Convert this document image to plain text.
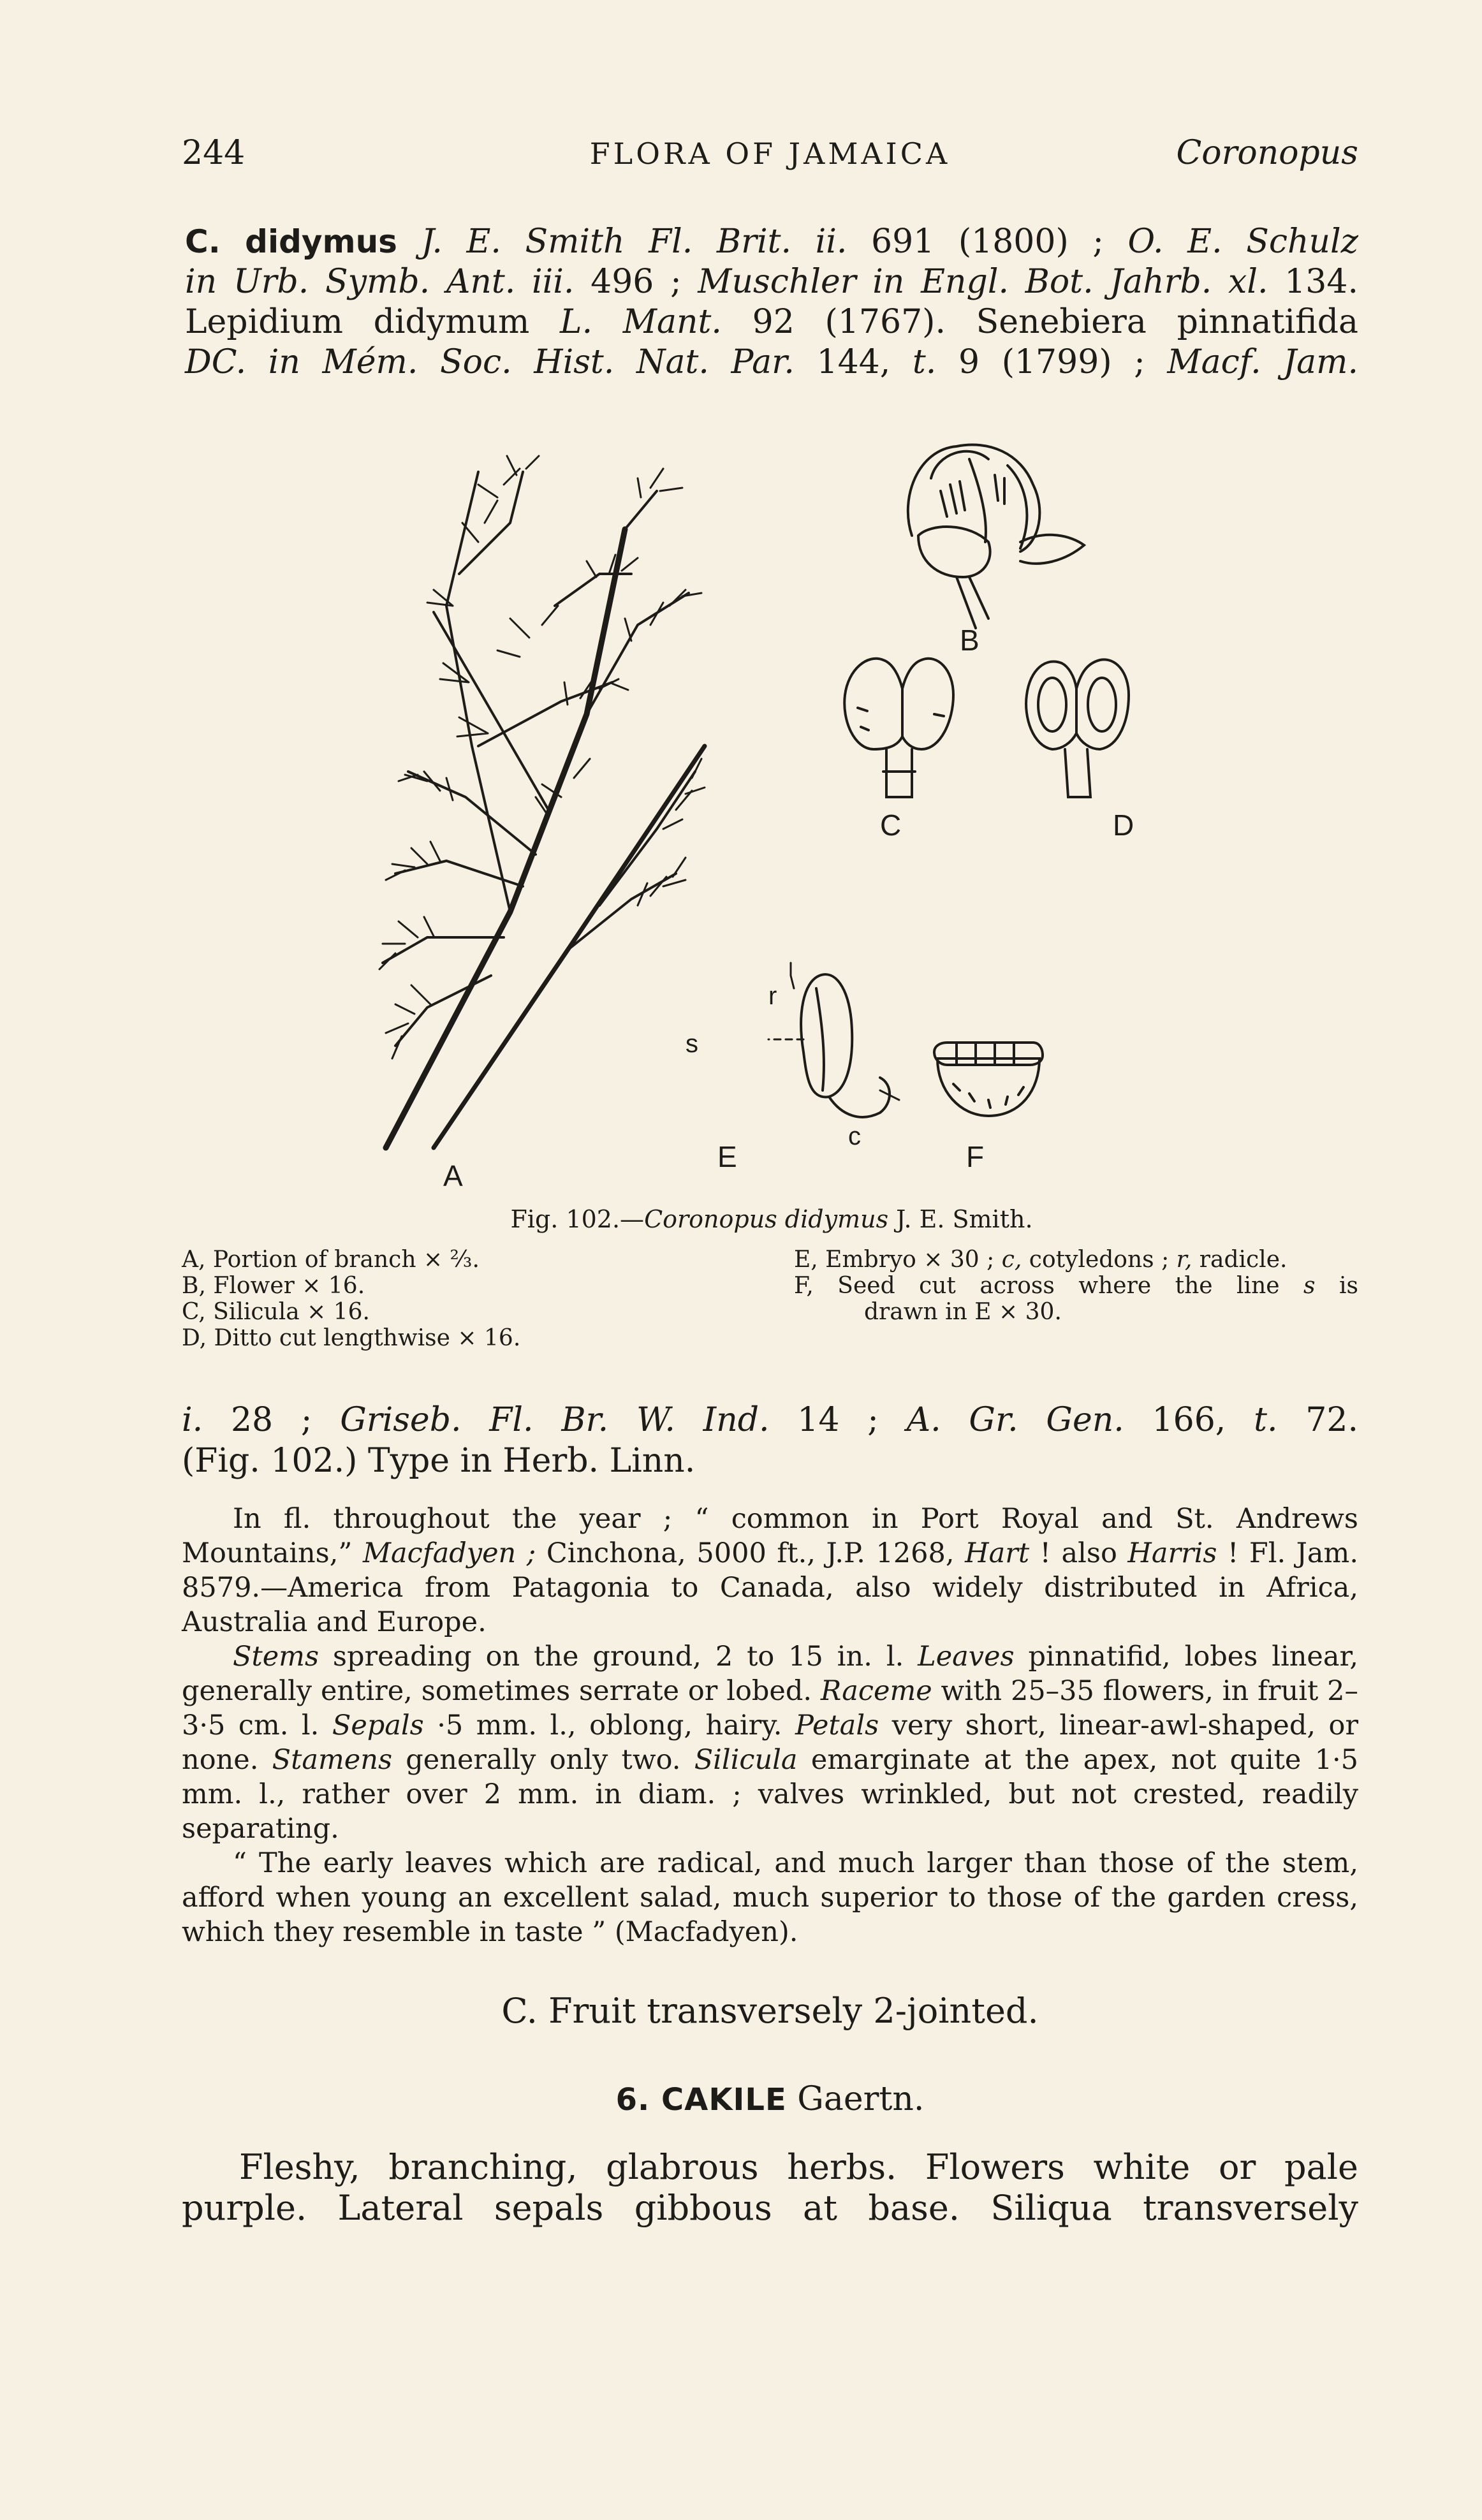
244	FLORA OF JAMAICA	Coronopus
C. didymus J. E. Smith Fl. Brit. ii. 691 (1800) ; O. E. Schulz
in Urb. Symb. Ant. iii. 496 ; Muschler in Engl. Bot. Jahrb. xl. 134.
Lepidium didymum L. Mant. 92 (1767). Senebiera pinnatifida
DC. in Mém. Soc. Hist. Nat. Par. 144, t. 9 (1799) ; Macf. Jam.
A
B
C	D
E	F
r
s
c
Fig. 102.—Coronopus didymus J. E. Smith.
A, Portion of branch × ⅔.
B, Flower × 16.
C, Silicula × 16.
D, Ditto cut lengthwise × 16.
E, Embryo × 30 ; c, cotyledons ; r, radicle.
F, Seed cut across where the line s is
drawn in E × 30.
i. 28 ; Griseb. Fl. Br. W. Ind. 14 ; A. Gr. Gen. 166, t. 72.
(Fig. 102.) Type in Herb. Linn.

In fl. throughout the year ; “ common in Port Royal and St. Andrews Mountains,” Macfadyen ; Cinchona, 5000 ft., J.P. 1268, Hart ! also Harris ! Fl. Jam. 8579.—America from Patagonia to Canada, also widely distributed in Africa, Australia and Europe.

Stems spreading on the ground, 2 to 15 in. l. Leaves pinnatifid, lobes linear, generally entire, sometimes serrate or lobed. Raceme with 25–35 flowers, in fruit 2–3·5 cm. l. Sepals ·5 mm. l., oblong, hairy. Petals very short, linear-awl-shaped, or none. Stamens generally only two. Silicula emarginate at the apex, not quite 1·5 mm. l., rather over 2 mm. in diam. ; valves wrinkled, but not crested, readily separating.

“ The early leaves which are radical, and much larger than those of the stem, afford when young an excellent salad, much superior to those of the garden cress, which they resemble in taste ” (Macfadyen).

C. Fruit transversely 2-jointed.
6. CAKILE Gaertn.
Fleshy, branching, glabrous herbs. Flowers white or pale
purple. Lateral sepals gibbous at base. Siliqua transversely
